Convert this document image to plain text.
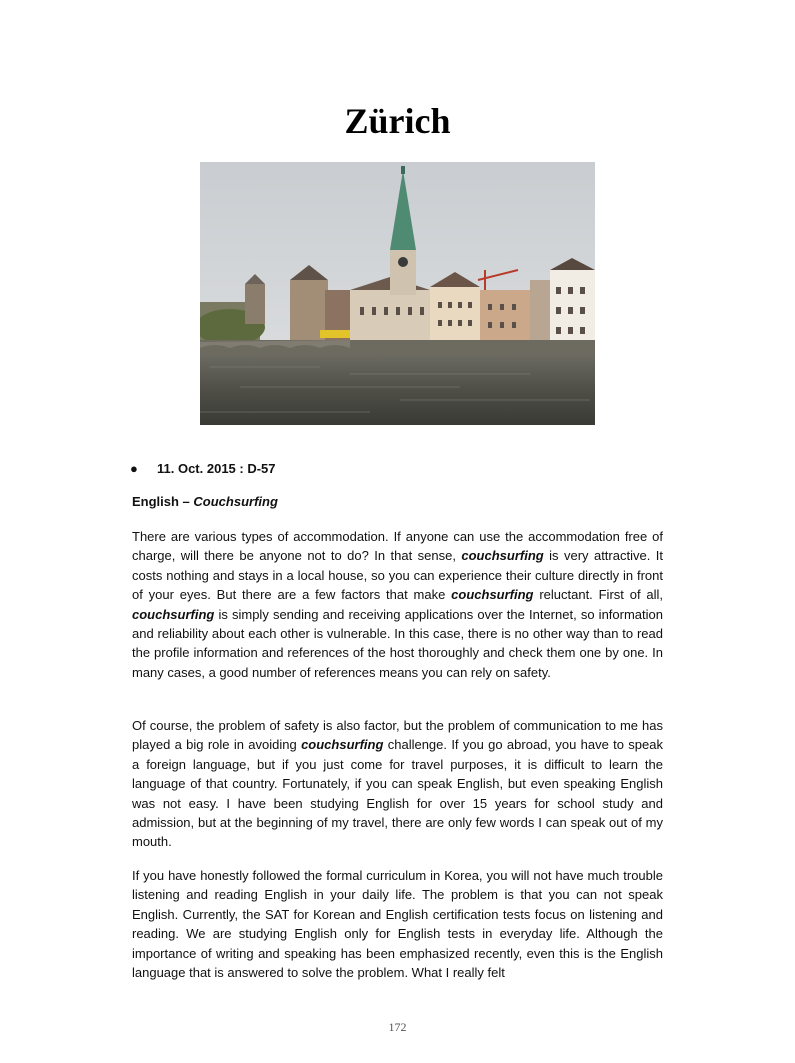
Zürich
● 11. Oct. 2015 : D-57
English – Couchsurfing

There are various types of accommodation. If anyone can use the accommodation free of charge, will there be anyone not to do? In that sense, couchsurfing is very attractive. It costs nothing and stays in a local house, so you can experience their culture directly in front of your eyes. But there are a few factors that make couchsurfing reluctant. First of all, couchsurfing is simply sending and receiving applications over the Internet, so information and reliability about each other is vulnerable. In this case, there is no other way than to read the profile information and references of the host thoroughly and check them one by one. In many cases, a good number of references means you can rely on safety.

Of course, the problem of safety is also factor, but the problem of communication to me has played a big role in avoiding couchsurfing challenge. If you go abroad, you have to speak a foreign language, but if you just come for travel purposes, it is difficult to learn the language of that country. Fortunately, if you can speak English, but even speaking English was not easy. I have been studying English for over 15 years for school study and admission, but at the beginning of my travel, there are only few words I can speak out of my mouth.

If you have honestly followed the formal curriculum in Korea, you will not have much trouble listening and reading English in your daily life. The problem is that you can not speak English. Currently, the SAT for Korean and English certification tests focus on listening and reading. We are studying English only for English tests in everyday life. Although the importance of writing and speaking has been emphasized recently, even this is the English language that is answered to solve the problem. What I really felt

172
